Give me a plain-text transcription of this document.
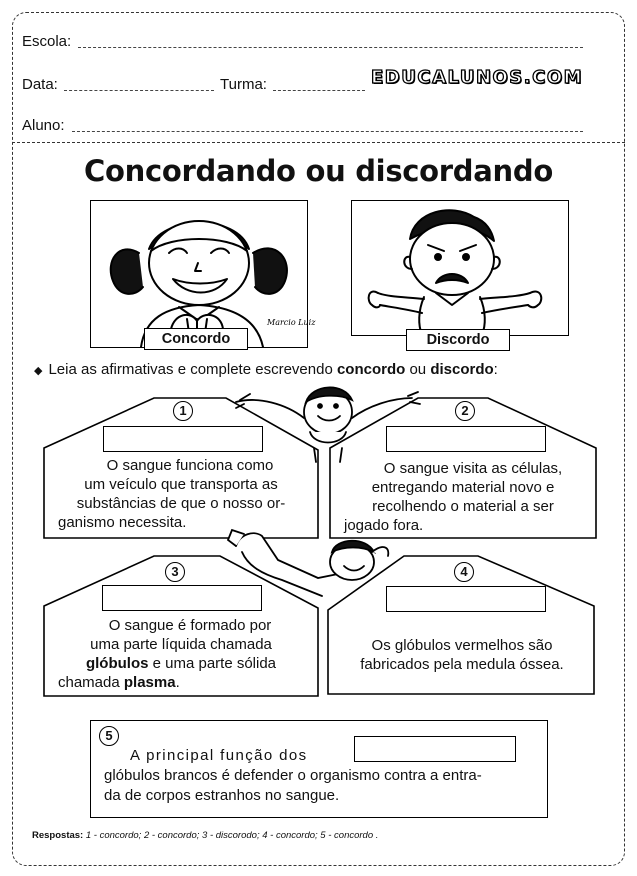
Escola:
Data:	Turma:	EDUCALUNOS.COM
Aluno:
Concordando ou discordando
Marcio Luiz
Concordo	Discordo
◆ Leia as afirmativas e complete escrevendo concordo ou discordo:
1
O sangue funciona como
um veículo que transporta as
substâncias de que o nosso or-
ganismo necessita.
2
O sangue visita as células,
entregando material novo e
recolhendo o material a ser
jogado fora.
3
O sangue é formado por
uma parte líquida chamada
glóbulos e uma parte sólida
chamada plasma.
4
Os glóbulos vermelhos são
fabricados pela medula óssea.
5
A principal função dos
glóbulos brancos é defender o organismo contra a entra-
da de corpos estranhos no sangue.
Respostas: 1 - concordo; 2 - concordo; 3 - discorodo; 4 - concordo; 5 - concordo .
